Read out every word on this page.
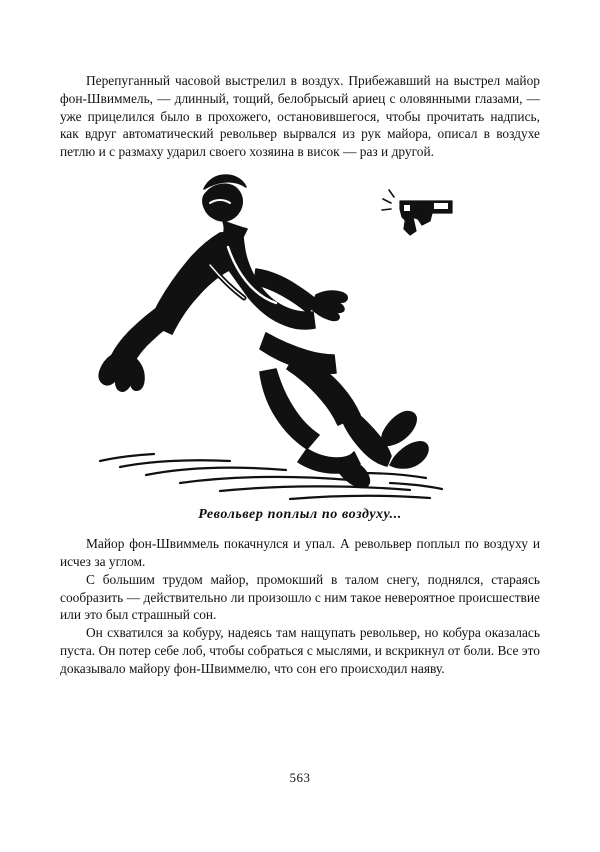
Перепуганный часовой выстрелил в воздух. Прибежавший на выстрел майор фон-Швиммель, — длинный, тощий, белобрысый ариец с оловянными глазами, — уже прицелился было в прохожего, остановившегося, чтобы прочитать надпись, как вдруг автоматический револьвер вырвался из рук майора, описал в воздухе петлю и с размаху ударил своего хозяина в висок — раз и другой.

Револьвер поплыл по воздуху...

Майор фон-Швиммель покачнулся и упал. А револьвер поплыл по воздуху и исчез за углом.

С большим трудом майор, промокший в талом снегу, поднялся, стараясь сообразить — действительно ли произошло с ним такое невероятное происшествие или это был страшный сон.

Он схватился за кобуру, надеясь там нащупать револьвер, но кобура оказалась пуста. Он потер себе лоб, чтобы собраться с мыслями, и вскрикнул от боли. Все это доказывало майору фон-Швиммелю, что сон его происходил наяву.

563
